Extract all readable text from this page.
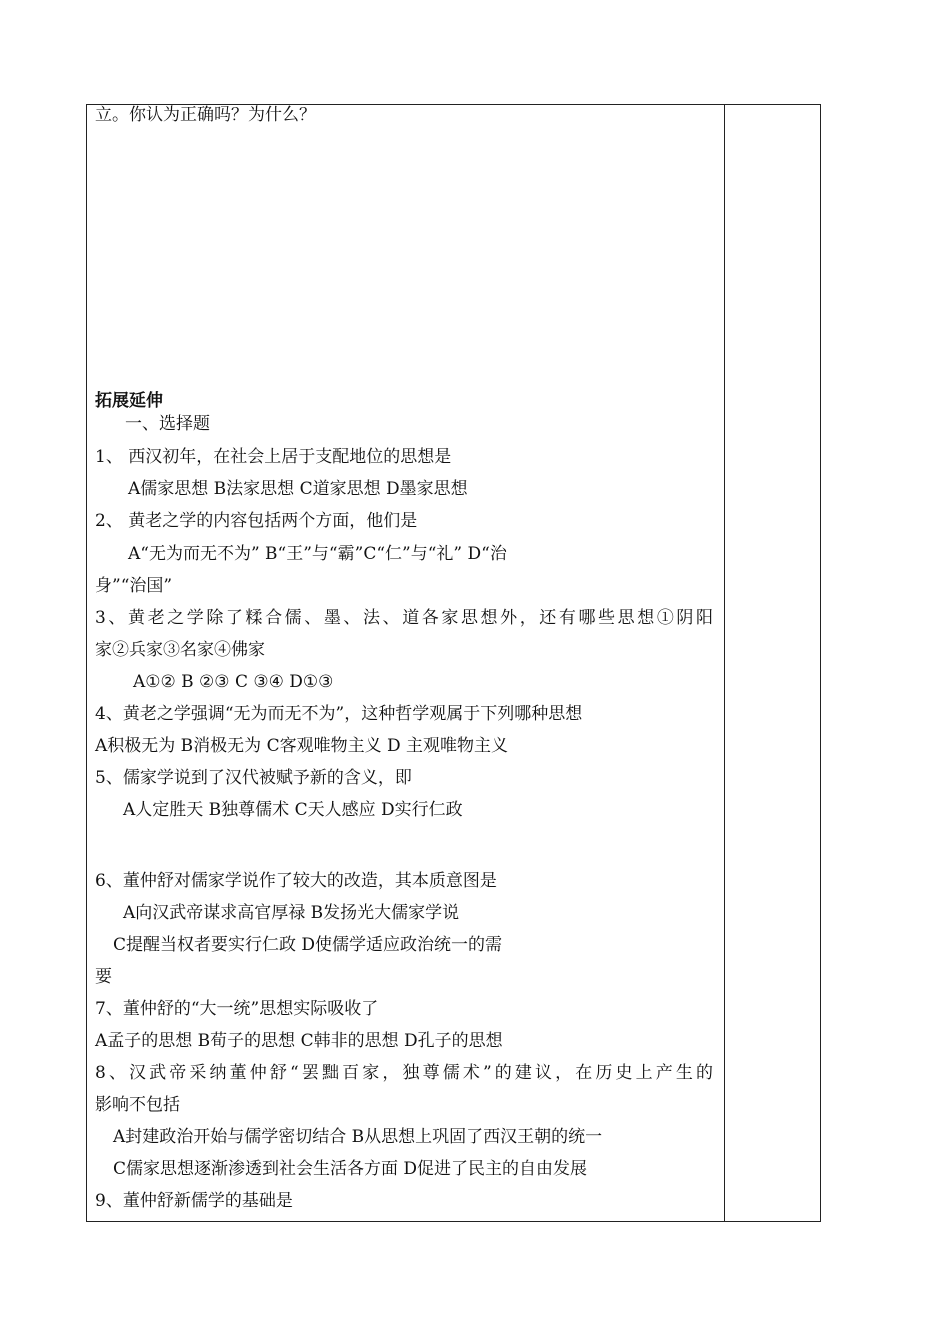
立。你认为正确吗？为什么？
拓展延伸
一、选择题
1、 西汉初年，在社会上居于支配地位的思想是
A儒家思想 B法家思想 C道家思想 D墨家思想
2、 黄老之学的内容包括两个方面，他们是
A“无为而无不为” B“王”与“霸”C“仁”与“礼” D“治
身”“治国”
3、黄老之学除了糅合儒、墨、法、道各家思想外，还有哪些思想①阴阳
家②兵家③名家④佛家
A①② B ②③ C ③④ D①③
4、黄老之学强调“无为而无不为”，这种哲学观属于下列哪种思想
A积极无为 B消极无为 C客观唯物主义 D 主观唯物主义
5、儒家学说到了汉代被赋予新的含义，即
A人定胜天 B独尊儒术 C天人感应 D实行仁政
6、董仲舒对儒家学说作了较大的改造，其本质意图是
A向汉武帝谋求高官厚禄 B发扬光大儒家学说
C提醒当权者要实行仁政 D使儒学适应政治统一的需
要
7、董仲舒的“大一统”思想实际吸收了
A孟子的思想 B荀子的思想 C韩非的思想 D孔子的思想
8、汉武帝采纳董仲舒“罢黜百家，独尊儒术”的建议，在历史上产生的
影响不包括
A封建政治开始与儒学密切结合 B从思想上巩固了西汉王朝的统一
C儒家思想逐渐渗透到社会生活各方面 D促进了民主的自由发展
9、董仲舒新儒学的基础是
